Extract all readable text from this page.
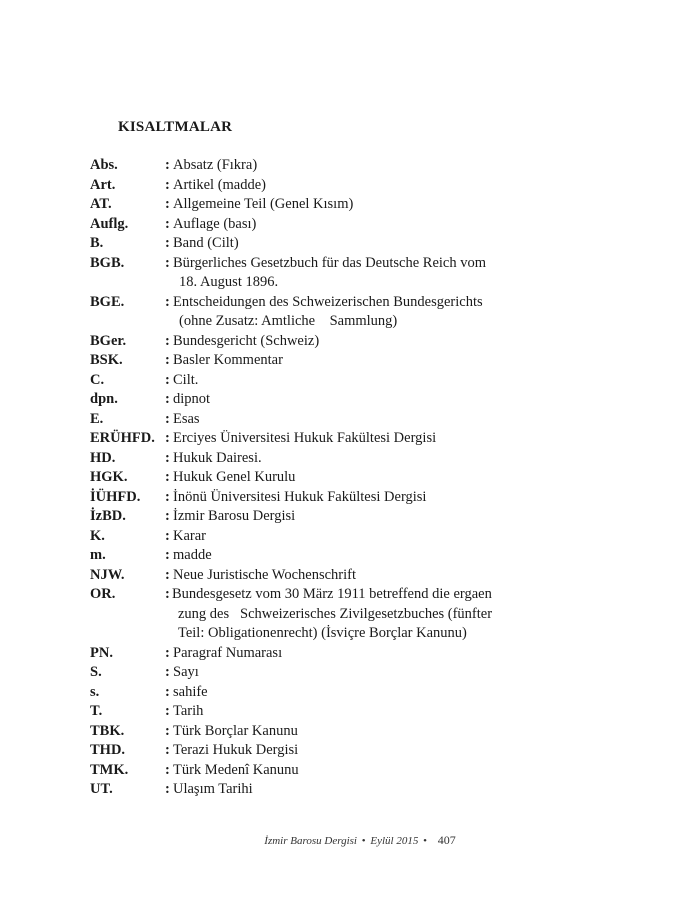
KISALTMALAR
Abs.	: Absatz (Fıkra)
Art.	: Artikel (madde)
AT.	: Allgemeine Teil (Genel Kısım)
Auflg.	: Auflage (bası)
B.	: Band (Cilt)
BGB.	: Bürgerliches Gesetzbuch für das Deutsche Reich vom
18. August 1896.
BGE.	: Entscheidungen des Schweizerischen Bundesgerichts
(ohne Zusatz: Amtliche    Sammlung)
BGer.	: Bundesgericht (Schweiz)
BSK.	: Basler Kommentar
C.	: Cilt.
dpn.	: dipnot
E.	: Esas
ERÜHFD. : Erciyes Üniversitesi Hukuk Fakültesi Dergisi
HD.	: Hukuk Dairesi.
HGK.	: Hukuk Genel Kurulu
İÜHFD. : İnönü Üniversitesi Hukuk Fakültesi Dergisi
İzBD.	: İzmir Barosu Dergisi
K.	: Karar
m.	: madde
NJW.	: Neue Juristische Wochenschrift
OR.	: Bundesgesetz vom 30 März 1911 betreffend die ergaen
zung des   Schweizerisches Zivilgesetzbuches (fünfter
Teil: Obligationenrecht) (İsviçre Borçlar Kanunu)
PN.	: Paragraf Numarası
S.	: Sayı
s.	: sahife
T.	: Tarih
TBK.	: Türk Borçlar Kanunu
THD.	: Terazi Hukuk Dergisi
TMK.	: Türk Medenî Kanunu
UT.	: Ulaşım Tarihi
İzmir Barosu Dergisi • Eylül 2015 • 407
